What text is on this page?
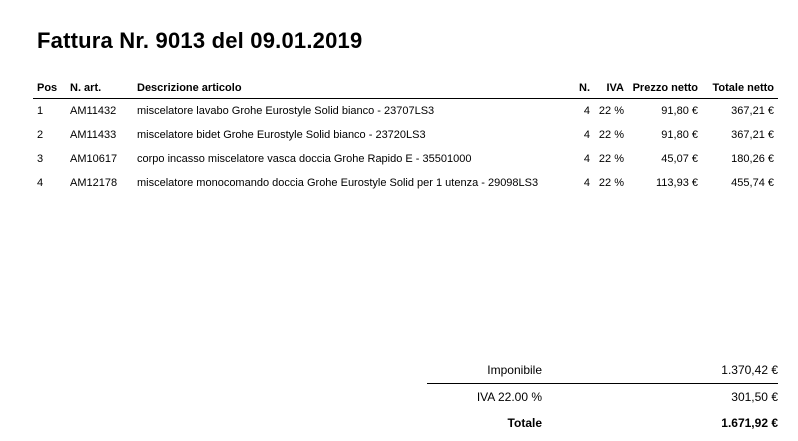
Fattura Nr. 9013 del 09.01.2019
Pos	N. art.	Descrizione articolo	N.	IVA	Prezzo netto	Totale netto
1	AM11432	miscelatore lavabo Grohe Eurostyle Solid bianco - 23707LS3	4	22 %	91,80 €	367,21 €
2	AM11433	miscelatore bidet Grohe Eurostyle Solid bianco - 23720LS3	4	22 %	91,80 €	367,21 €
3	AM10617	corpo incasso miscelatore vasca doccia Grohe Rapido E - 35501000	4	22 %	45,07 €	180,26 €
4	AM12178	miscelatore monocomando doccia Grohe Eurostyle Solid per 1 utenza - 29098LS3	4	22 %	113,93 €	455,74 €
Imponibile	1.370,42 €
IVA 22.00 %	301,50 €
Totale	1.671,92 €
